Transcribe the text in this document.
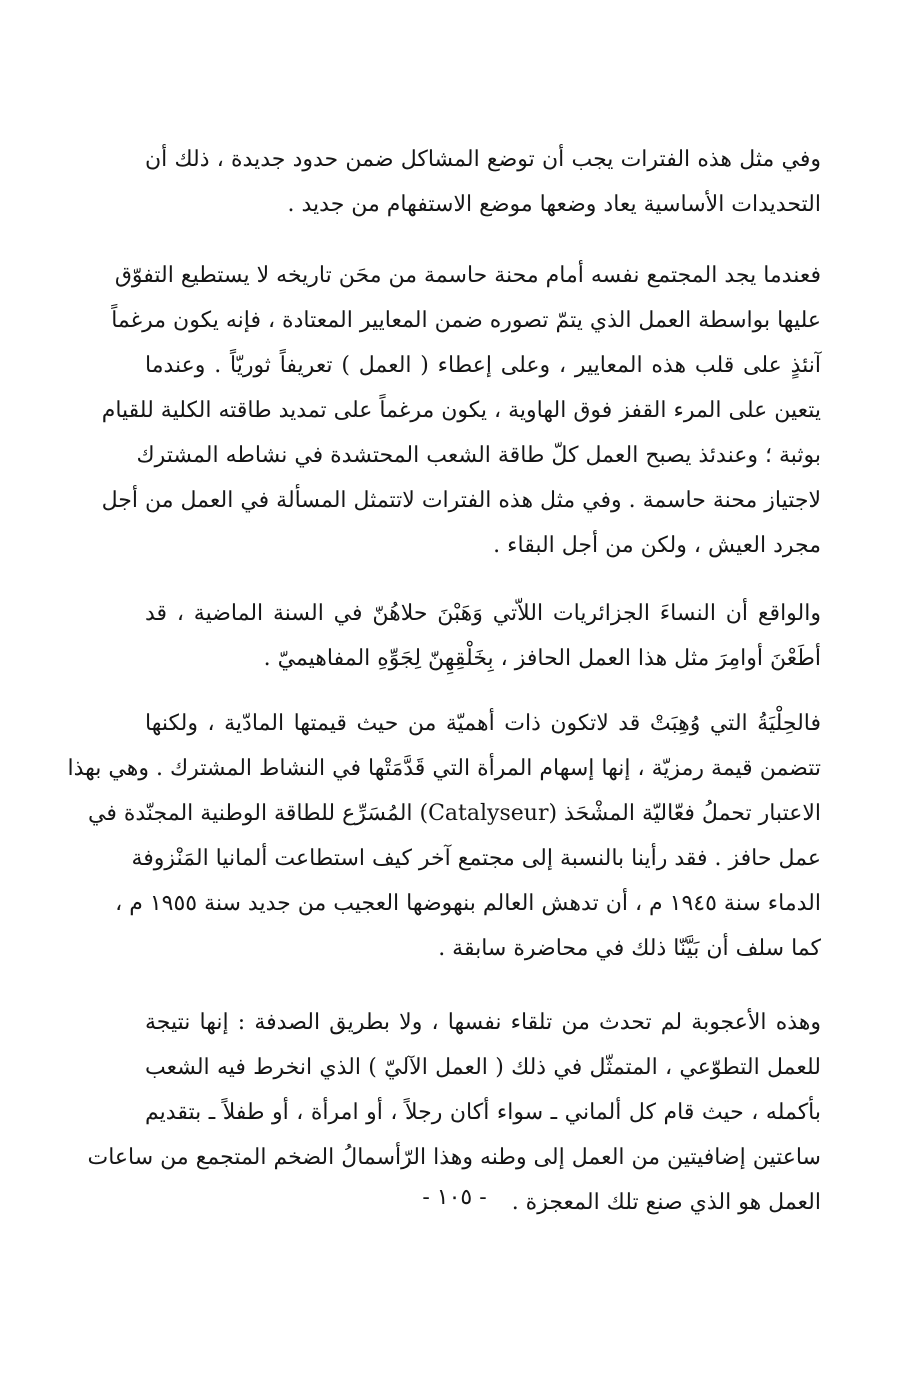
وفي مثل هذه الفترات يجب أن توضع المشاكل ضمن حدود جديدة ، ذلك أن
التحديدات الأساسية يعاد وضعها موضع الاستفهام من جديد .
فعندما يجد المجتمع نفسه أمام محنة حاسمة من محَن تاريخه لا يستطيع التفوّق
عليها بواسطة العمل الذي يتمّ تصوره ضمن المعايير المعتادة ، فإنه يكون مرغماً
آنئذٍ على قلب هذه المعايير ، وعلى إعطاء ( العمل ) تعريفاً ثوريّاً . وعندما
يتعين على المرء القفز فوق الهاوية ، يكون مرغماً على تمديد طاقته الكلية للقيام
بوثبة ؛ وعندئذ يصبح العمل كلّ طاقة الشعب المحتشدة في نشاطه المشترك
لاجتياز محنة حاسمة . وفي مثل هذه الفترات لاتتمثل المسألة في العمل من أجل
مجرد العيش ، ولكن من أجل البقاء .
والواقع أن النساءَ الجزائريات اللاّتي وَهَبْنَ حلاهُنّ في السنة الماضية ، قد
أطَعْنَ أوامِرَ مثل هذا العمل الحافز ، بِخَلْقِهِنّ لِجَوِّهِ المفاهيميّ .
فالحِلْيَةُ التي وُهِبَتْ قد لاتكون ذات أهميّة من حيث قيمتها المادّية ، ولكنها
تتضمن قيمة رمزيّة ، إنها إسهام المرأة التي قَدَّمَتْها في النشاط المشترك . وهي بهذا
الاعتبار تحملُ فعّاليّة المشْحَذ (Catalyseur) المُسَرِّع للطاقة الوطنية المجنّدة في
عمل حافز . فقد رأينا بالنسبة إلى مجتمع آخر كيف استطاعت ألمانيا المَنْزوفة
الدماء سنة ١٩٤٥ م ، أن تدهش العالم بنهوضها العجيب من جديد سنة ١٩٥٥ م ،
كما سلف أن بَيَّنّا ذلك في محاضرة سابقة .
وهذه الأعجوبة لم تحدث من تلقاء نفسها ، ولا بطريق الصدفة : إنها نتيجة
للعمل التطوّعي ، المتمثّل في ذلك ( العمل الآليّ ) الذي انخرط فيه الشعب
بأكمله ، حيث قام كل ألماني ـ سواء أكان رجلاً ، أو امرأة ، أو طفلاً ـ بتقديم
ساعتين إضافيتين من العمل إلى وطنه وهذا الرّأسمالُ الضخم المتجمع من ساعات
العمل هو الذي صنع تلك المعجزة .
- ١٠٥ -
